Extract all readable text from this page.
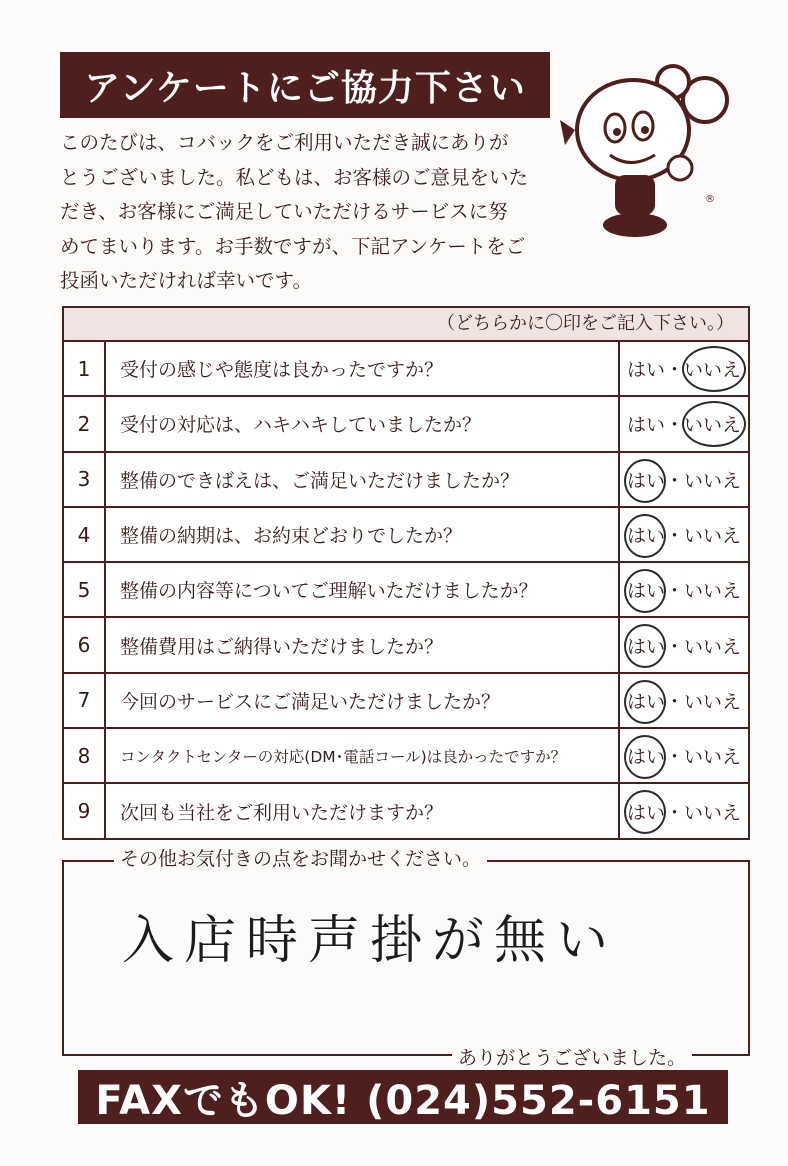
アンケートにご協力下さい
このたびは、コバックをご利用いただき誠にありが
とうございました。私どもは、お客様のご意見をいた
だき、お客様にご満足していただけるサービスに努
めてまいります。お手数ですが、下記アンケートをご
投函いただければ幸いです。
®
（どちらかに〇印をご記入下さい。）
1	受付の感じや態度は良かったですか？	はい ・ いいえ
2	受付の対応は、ハキハキしていましたか？	はい ・ いいえ
3	整備のできばえは、ご満足いただけましたか？	はい ・ いいえ
4	整備の納期は、お約束どおりでしたか？	はい ・ いいえ
5	整備の内容等についてご理解いただけましたか？	はい ・ いいえ
6	整備費用はご納得いただけましたか？	はい ・ いいえ
7	今回のサービスにご満足いただけましたか？	はい ・ いいえ
8	コンタクトセンターの対応(DM･電話コール)は良かったですか？	はい ・ いいえ
9	次回も当社をご利用いただけますか？	はい ・ いいえ
その他お気付きの点をお聞かせください。
入店時声掛が無い
ありがとうございました。
FAXでもOK! (024)552-6151
